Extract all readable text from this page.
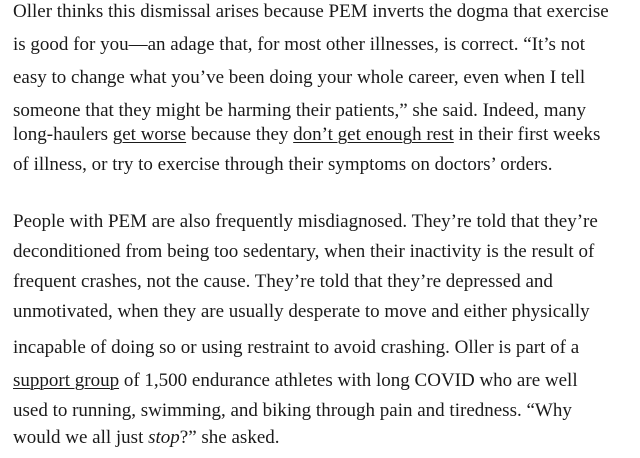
Oller thinks this dismissal arises because PEM inverts the dogma that exercise
is good for you—an adage that, for most other illnesses, is correct. “It’s not
easy to change what you’ve been doing your whole career, even when I tell
someone that they might be harming their patients,” she said. Indeed, many
long-haulers get worse because they don’t get enough rest in their first weeks
of illness, or try to exercise through their symptoms on doctors’ orders.
People with PEM are also frequently misdiagnosed. They’re told that they’re
deconditioned from being too sedentary, when their inactivity is the result of
frequent crashes, not the cause. They’re told that they’re depressed and
unmotivated, when they are usually desperate to move and either physically
incapable of doing so or using restraint to avoid crashing. Oller is part of a
support group of 1,500 endurance athletes with long COVID who are well
used to running, swimming, and biking through pain and tiredness. “Why
would we all just stop?” she asked.
